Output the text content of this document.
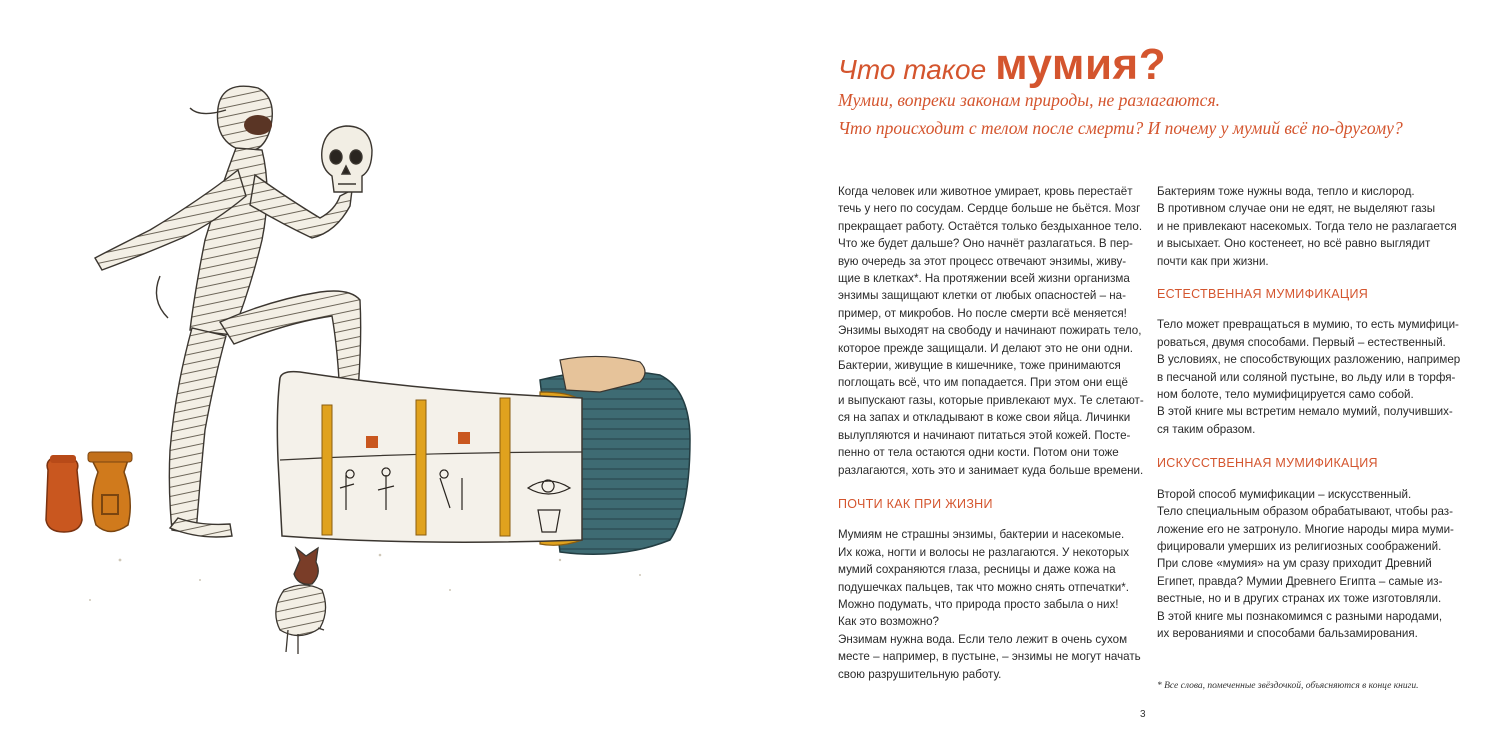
Что такое мумия?

Мумии, вопреки законам природы, не разлагаются.
Что происходит с телом после смерти? И почему у мумий всё по-другому?

Когда человек или животное умирает, кровь перестаёт
течь у него по сосудам. Сердце больше не бьётся. Мозг
прекращает работу. Остаётся только бездыханное тело.
Что же будет дальше? Оно начнёт разлагаться. В пер-
вую очередь за этот процесс отвечают энзимы, живу-
щие в клетках*. На протяжении всей жизни организма
энзимы защищают клетки от любых опасностей – на-
пример, от микробов. Но после смерти всё меняется!
Энзимы выходят на свободу и начинают пожирать тело,
которое прежде защищали. И делают это не они одни.
Бактерии, живущие в кишечнике, тоже принимаются
поглощать всё, что им попадается. При этом они ещё
и выпускают газы, которые привлекают мух. Те слетают-
ся на запах и откладывают в коже свои яйца. Личинки
вылупляются и начинают питаться этой кожей. Посте-
пенно от тела остаются одни кости. Потом они тоже
разлагаются, хоть это и занимает куда больше времени.

ПОЧТИ КАК ПРИ ЖИЗНИ

Мумиям не страшны энзимы, бактерии и насекомые.
Их кожа, ногти и волосы не разлагаются. У некоторых
мумий сохраняются глаза, ресницы и даже кожа на
подушечках пальцев, так что можно снять отпечатки*.
Можно подумать, что природа просто забыла о них!
Как это возможно?
Энзимам нужна вода. Если тело лежит в очень сухом
месте – например, в пустыне, – энзимы не могут начать
свою разрушительную работу.

Бактериям тоже нужны вода, тепло и кислород.
В противном случае они не едят, не выделяют газы
и не привлекают насекомых. Тогда тело не разлагается
и высыхает. Оно костенеет, но всё равно выглядит
почти как при жизни.

ЕСТЕСТВЕННАЯ МУМИФИКАЦИЯ

Тело может превращаться в мумию, то есть мумифици-
роваться, двумя способами. Первый – естественный.
В условиях, не способствующих разложению, например
в песчаной или соляной пустыне, во льду или в торфя-
ном болоте, тело мумифицируется само собой.
В этой книге мы встретим немало мумий, получивших-
ся таким образом.

ИСКУССТВЕННАЯ МУМИФИКАЦИЯ

Второй способ мумификации – искусственный.
Тело специальным образом обрабатывают, чтобы раз-
ложение его не затронуло. Многие народы мира муми-
фицировали умерших из религиозных соображений.
При слове «мумия» на ум сразу приходит Древний
Египет, правда? Мумии Древнего Египта – самые из-
вестные, но и в других странах их тоже изготовляли.
В этой книге мы познакомимся с разными народами,
их верованиями и способами бальзамирования.

* Все слова, помеченные звёздочкой, объясняются в конце книги.
3
